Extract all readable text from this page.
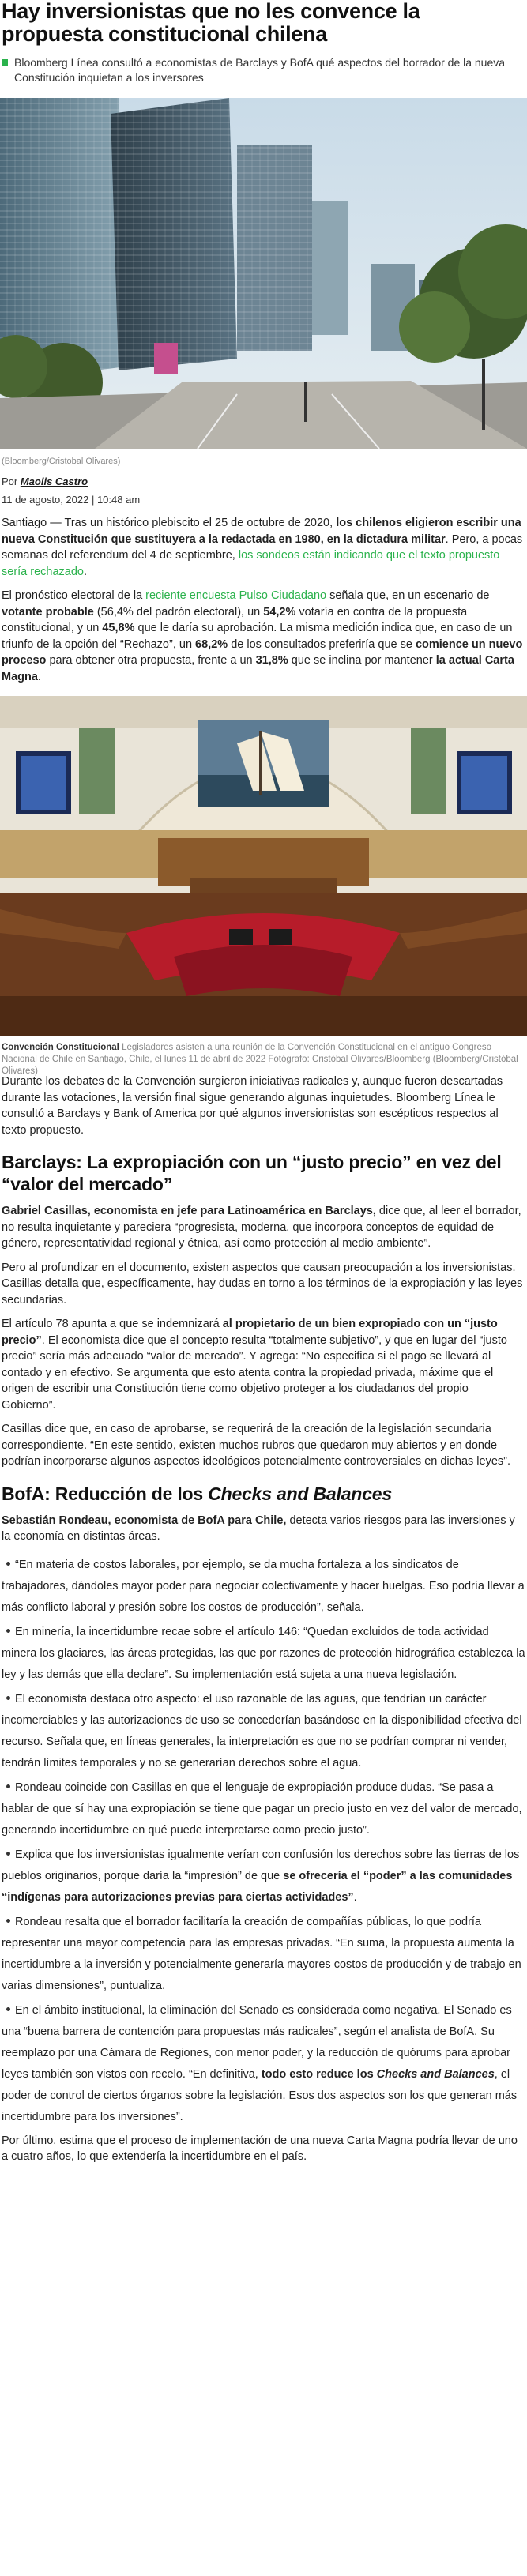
Hay inversionistas que no les convence la propuesta constitucional chilena

Bloomberg Línea consultó a economistas de Barclays y BofA qué aspectos del borrador de la nueva Constitución inquietan a los inversores

(Bloomberg/Cristobal Olivares)
Por Maolis Castro
11 de agosto, 2022 | 10:48 am

Santiago — Tras un histórico plebiscito el 25 de octubre de 2020, los chilenos eligieron escribir una nueva Constitución que sustituyera a la redactada en 1980, en la dictadura militar. Pero, a pocas semanas del referendum del 4 de septiembre, los sondeos están indicando que el texto propuesto sería rechazado.

El pronóstico electoral de la reciente encuesta Pulso Ciudadano señala que, en un escenario de votante probable (56,4% del padrón electoral), un 54,2% votaría en contra de la propuesta constitucional, y un 45,8% que le daría su aprobación. La misma medición indica que, en caso de un triunfo de la opción del “Rechazo”, un 68,2% de los consultados preferiría que se comience un nuevo proceso para obtener otra propuesta, frente a un 31,8% que se inclina por mantener la actual Carta Magna.

Convención Constitucional Legisladores asisten a una reunión de la Convención Constitucional en el antiguo Congreso Nacional de Chile en Santiago, Chile, el lunes 11 de abril de 2022 Fotógrafo: Cristóbal Olivares/Bloomberg (Bloomberg/Cristóbal Olivares)

Durante los debates de la Convención surgieron iniciativas radicales y, aunque fueron descartadas durante las votaciones, la versión final sigue generando algunas inquietudes. Bloomberg Línea le consultó a Barclays y Bank of America por qué algunos inversionistas son escépticos respectos al texto propuesto.

Barclays: La expropiación con un “justo precio” en vez del “valor del mercado”

Gabriel Casillas, economista en jefe para Latinoamérica en Barclays, dice que, al leer el borrador, no resulta inquietante y pareciera “progresista, moderna, que incorpora conceptos de equidad de género, representatividad regional y étnica, así como protección al medio ambiente”.

Pero al profundizar en el documento, existen aspectos que causan preocupación a los inversionistas. Casillas detalla que, específicamente, hay dudas en torno a los términos de la expropiación y las leyes secundarias.

El artículo 78 apunta a que se indemnizará al propietario de un bien expropiado con un “justo precio”. El economista dice que el concepto resulta “totalmente subjetivo”, y que en lugar del “justo precio” sería más adecuado “valor de mercado”. Y agrega: “No especifica si el pago se llevará al contado y en efectivo. Se argumenta que esto atenta contra la propiedad privada, máxime que el origen de escribir una Constitución tiene como objetivo proteger a los ciudadanos del propio Gobierno”.

Casillas dice que, en caso de aprobarse, se requerirá de la creación de la legislación secundaria correspondiente. “En este sentido, existen muchos rubros que quedaron muy abiertos y en donde podrían incorporarse algunos aspectos ideológicos potencialmente controversiales en dichas leyes”.

BofA: Reducción de los Checks and Balances

Sebastián Rondeau, economista de BofA para Chile, detecta varios riesgos para las inversiones y la economía en distintas áreas.

“En materia de costos laborales, por ejemplo, se da mucha fortaleza a los sindicatos de trabajadores, dándoles mayor poder para negociar colectivamente y hacer huelgas. Eso podría llevar a más conflicto laboral y presión sobre los costos de producción”, señala.
En minería, la incertidumbre recae sobre el artículo 146: “Quedan excluidos de toda actividad minera los glaciares, las áreas protegidas, las que por razones de protección hidrográfica establezca la ley y las demás que ella declare”. Su implementación está sujeta a una nueva legislación.
El economista destaca otro aspecto: el uso razonable de las aguas, que tendrían un carácter incomerciables y las autorizaciones de uso se concederían basándose en la disponibilidad efectiva del recurso. Señala que, en líneas generales, la interpretación es que no se podrían comprar ni vender, tendrán límites temporales y no se generarían derechos sobre el agua.
Rondeau coincide con Casillas en que el lenguaje de expropiación produce dudas. “Se pasa a hablar de que sí hay una expropiación se tiene que pagar un precio justo en vez del valor de mercado, generando incertidumbre en qué puede interpretarse como precio justo”.
Explica que los inversionistas igualmente verían con confusión los derechos sobre las tierras de los pueblos originarios, porque daría la “impresión” de que se ofrecería el “poder” a las comunidades “indígenas para autorizaciones previas para ciertas actividades”.
Rondeau resalta que el borrador facilitaría la creación de compañías públicas, lo que podría representar una mayor competencia para las empresas privadas. “En suma, la propuesta aumenta la incertidumbre a la inversión y potencialmente generaría mayores costos de producción y de trabajo en varias dimensiones”, puntualiza.
En el ámbito institucional, la eliminación del Senado es considerada como negativa. El Senado es una “buena barrera de contención para propuestas más radicales”, según el analista de BofA. Su reemplazo por una Cámara de Regiones, con menor poder, y la reducción de quórums para aprobar leyes también son vistos con recelo. “En definitiva, todo esto reduce los Checks and Balances, el poder de control de ciertos órganos sobre la legislación. Esos dos aspectos son los que generan más incertidumbre para los inversiones”.

Por último, estima que el proceso de implementación de una nueva Carta Magna podría llevar de uno a cuatro años, lo que extendería la incertidumbre en el país.
